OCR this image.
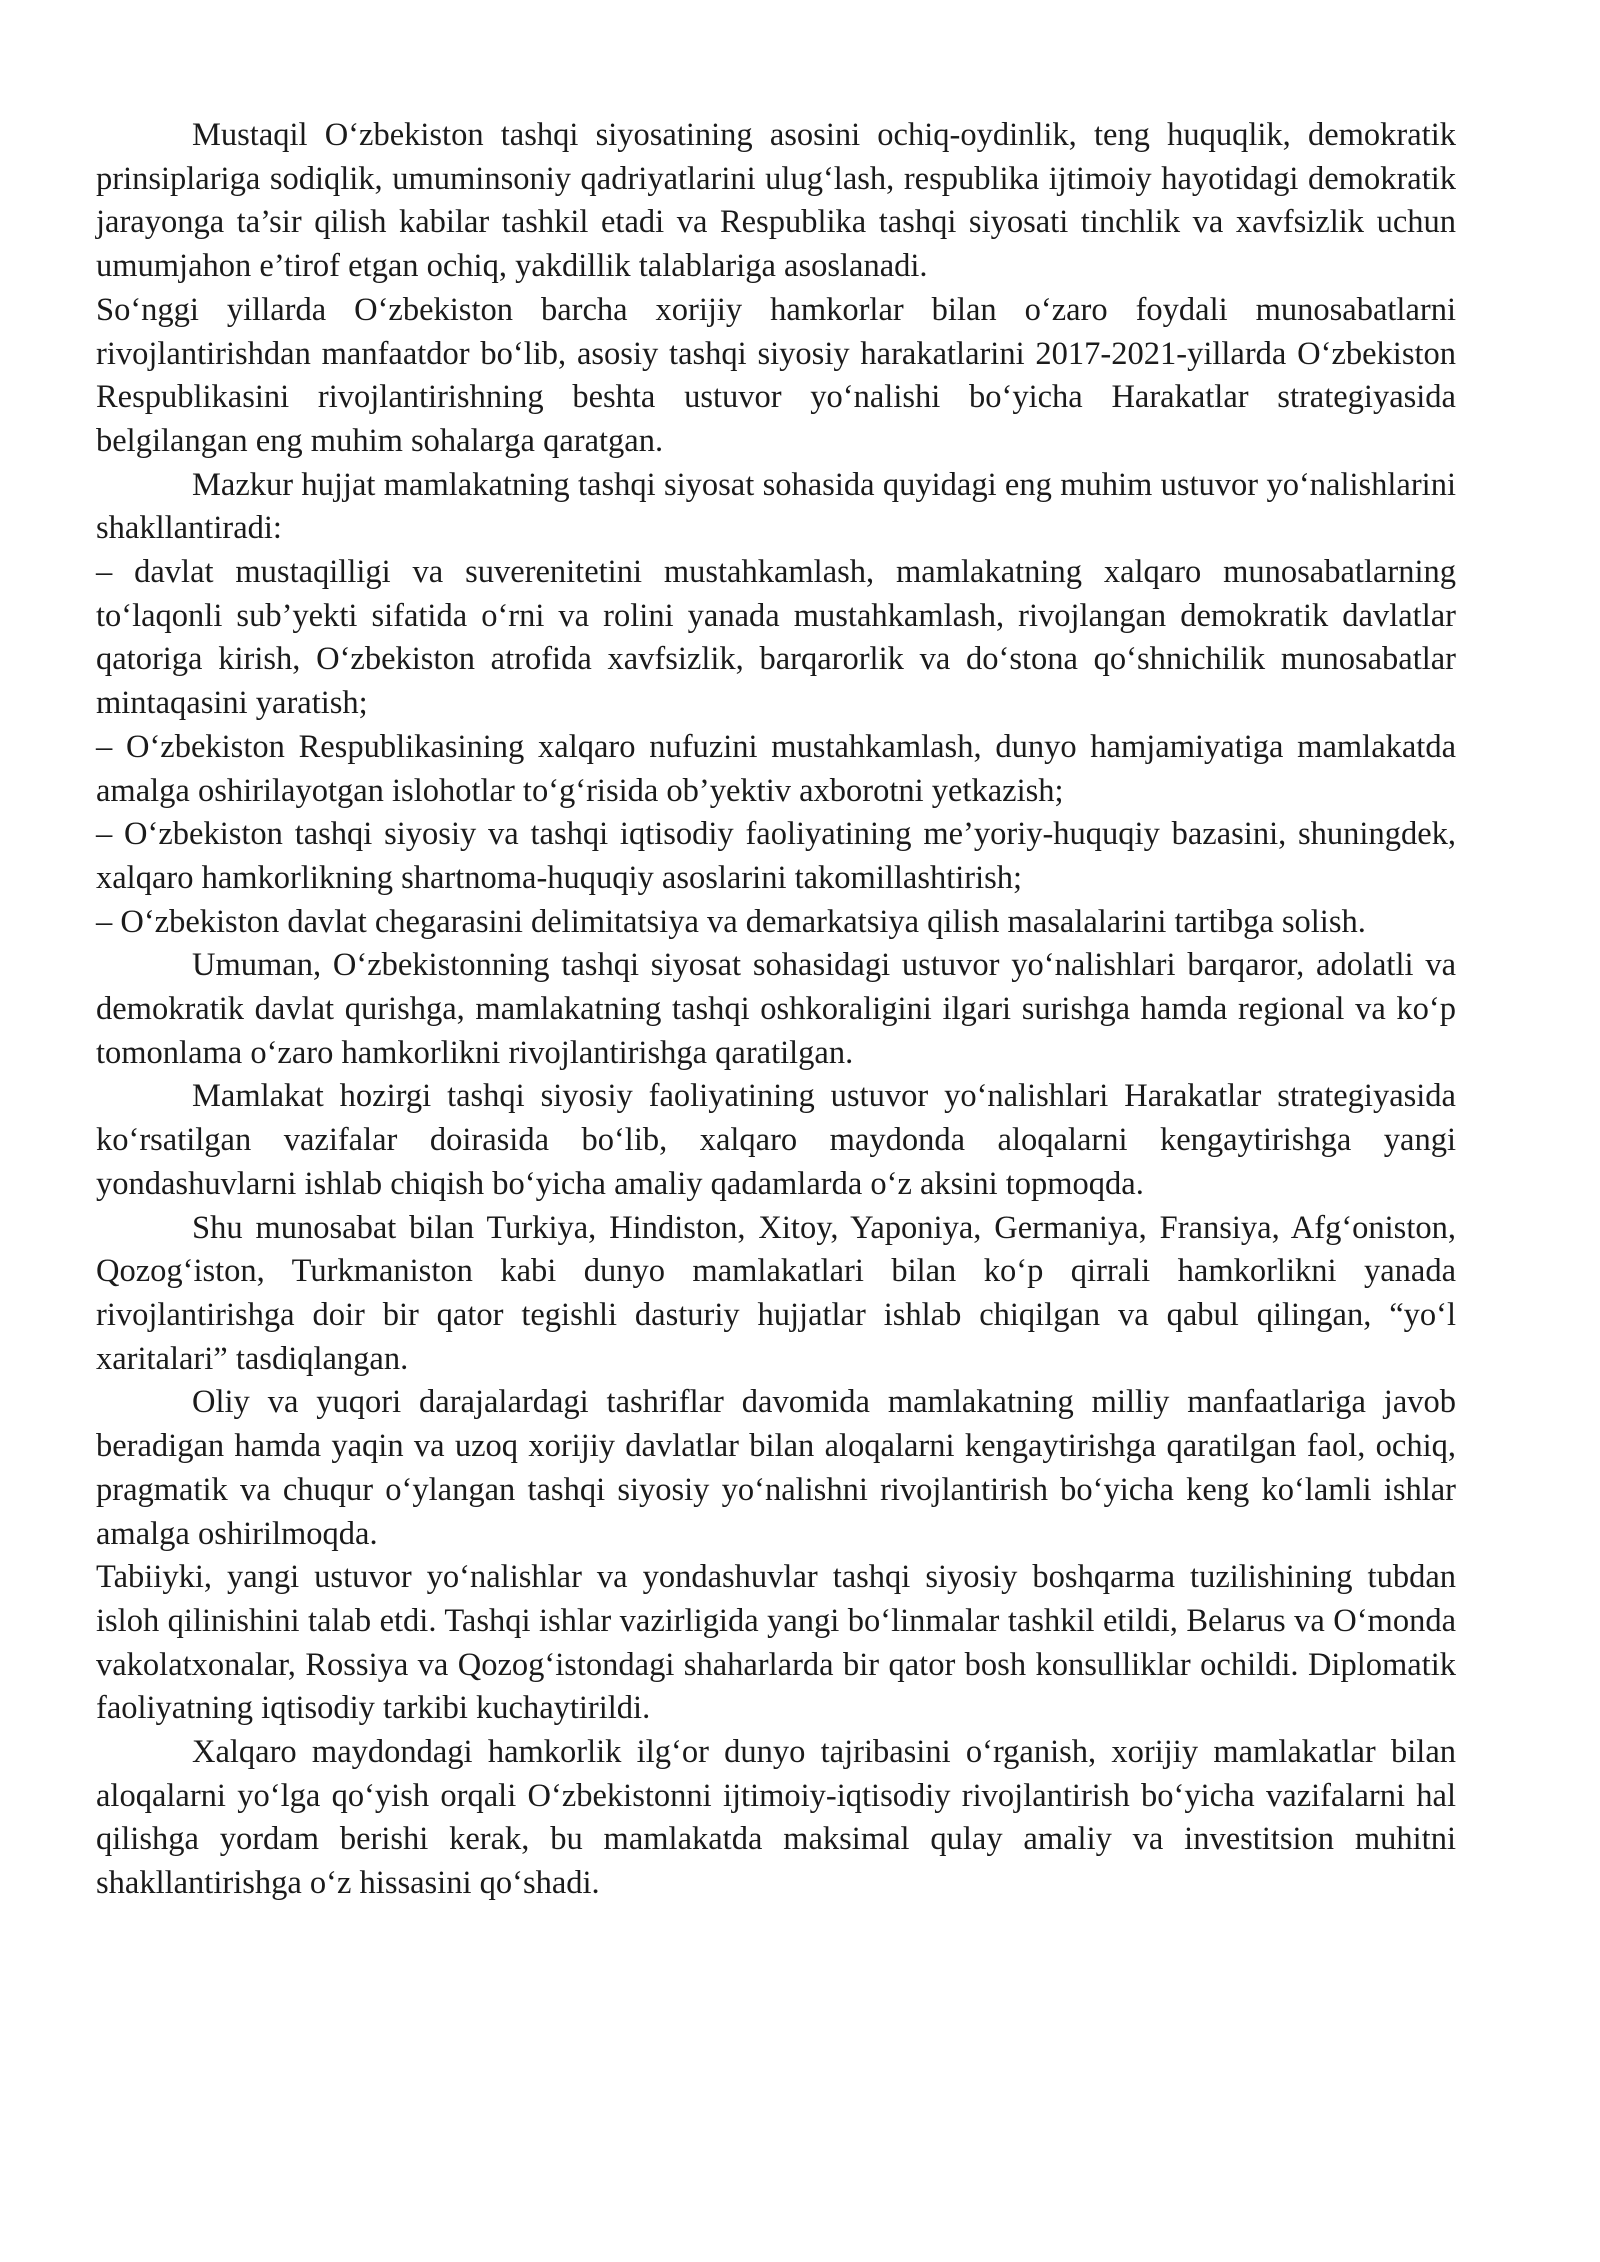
Mustaqil O‘zbekiston tashqi siyosatining asosini ochiq-oydinlik, teng huquqlik, demokratik prinsiplariga sodiqlik, umuminsoniy qadriyatlarini ulug‘lash, respublika ijtimoiy hayotidagi demokratik jarayonga ta’sir qilish kabilar tashkil etadi va Respublika tashqi siyosati tinchlik va xavfsizlik uchun umumjahon e’tirof etgan ochiq, yakdillik talablariga asoslanadi.

So‘nggi yillarda O‘zbekiston barcha xorijiy hamkorlar bilan o‘zaro foydali munosabatlarni rivojlantirishdan manfaatdor bo‘lib, asosiy tashqi siyosiy harakatlarini 2017-2021-yillarda O‘zbekiston Respublikasini rivojlantirishning beshta ustuvor yo‘nalishi bo‘yicha Harakatlar strategiyasida belgilangan eng muhim sohalarga qaratgan.

Mazkur hujjat mamlakatning tashqi siyosat sohasida quyidagi eng muhim ustuvor yo‘nalishlarini shakllantiradi:

– davlat mustaqilligi va suverenitetini mustahkamlash, mamlakatning xalqaro munosabatlarning to‘laqonli sub’yekti sifatida o‘rni va rolini yanada mustahkamlash, rivojlangan demokratik davlatlar qatoriga kirish, O‘zbekiston atrofida xavfsizlik, barqarorlik va do‘stona qo‘shnichilik munosabatlar mintaqasini yaratish;

– O‘zbekiston Respublikasining xalqaro nufuzini mustahkamlash, dunyo hamjamiyatiga mamlakatda amalga oshirilayotgan islohotlar to‘g‘risida ob’yektiv axborotni yetkazish;

– O‘zbekiston tashqi siyosiy va tashqi iqtisodiy faoliyatining me’yoriy-huquqiy bazasini, shuningdek, xalqaro hamkorlikning shartnoma-huquqiy asoslarini takomillashtirish;

– O‘zbekiston davlat chegarasini delimitatsiya va demarkatsiya qilish masalalarini tartibga solish.

Umuman, O‘zbekistonning tashqi siyosat sohasidagi ustuvor yo‘nalishlari barqaror, adolatli va demokratik davlat qurishga, mamlakatning tashqi oshkoraligini ilgari surishga hamda regional va ko‘p tomonlama o‘zaro hamkorlikni rivojlantirishga qaratilgan.

Mamlakat hozirgi tashqi siyosiy faoliyatining ustuvor yo‘nalishlari Harakatlar strategiyasida ko‘rsatilgan vazifalar doirasida bo‘lib, xalqaro maydonda aloqalarni kengaytirishga yangi yondashuvlarni ishlab chiqish bo‘yicha amaliy qadamlarda o‘z aksini topmoqda.

Shu munosabat bilan Turkiya, Hindiston, Xitoy, Yaponiya, Germaniya, Fransiya, Afg‘oniston, Qozog‘iston, Turkmaniston kabi dunyo mamlakatlari bilan ko‘p qirrali hamkorlikni yanada rivojlantirishga doir bir qator tegishli dasturiy hujjatlar ishlab chiqilgan va qabul qilingan, “yo‘l xaritalari” tasdiqlangan.

Oliy va yuqori darajalardagi tashriflar davomida mamlakatning milliy manfaatlariga javob beradigan hamda yaqin va uzoq xorijiy davlatlar bilan aloqalarni kengaytirishga qaratilgan faol, ochiq, pragmatik va chuqur o‘ylangan tashqi siyosiy yo‘nalishni rivojlantirish bo‘yicha keng ko‘lamli ishlar amalga oshirilmoqda.

Tabiiyki, yangi ustuvor yo‘nalishlar va yondashuvlar tashqi siyosiy boshqarma tuzilishining tubdan isloh qilinishini talab etdi. Tashqi ishlar vazirligida yangi bo‘linmalar tashkil etildi, Belarus va O‘monda vakolatxonalar, Rossiya va Qozog‘istondagi shaharlarda bir qator bosh konsulliklar ochildi. Diplomatik faoliyatning iqtisodiy tarkibi kuchaytirildi.

Xalqaro maydondagi hamkorlik ilg‘or dunyo tajribasini o‘rganish, xorijiy mamlakatlar bilan aloqalarni yo‘lga qo‘yish orqali O‘zbekistonni ijtimoiy-iqtisodiy rivojlantirish bo‘yicha vazifalarni hal qilishga yordam berishi kerak, bu mamlakatda maksimal qulay amaliy va investitsion muhitni shakllantirishga o‘z hissasini qo‘shadi.
